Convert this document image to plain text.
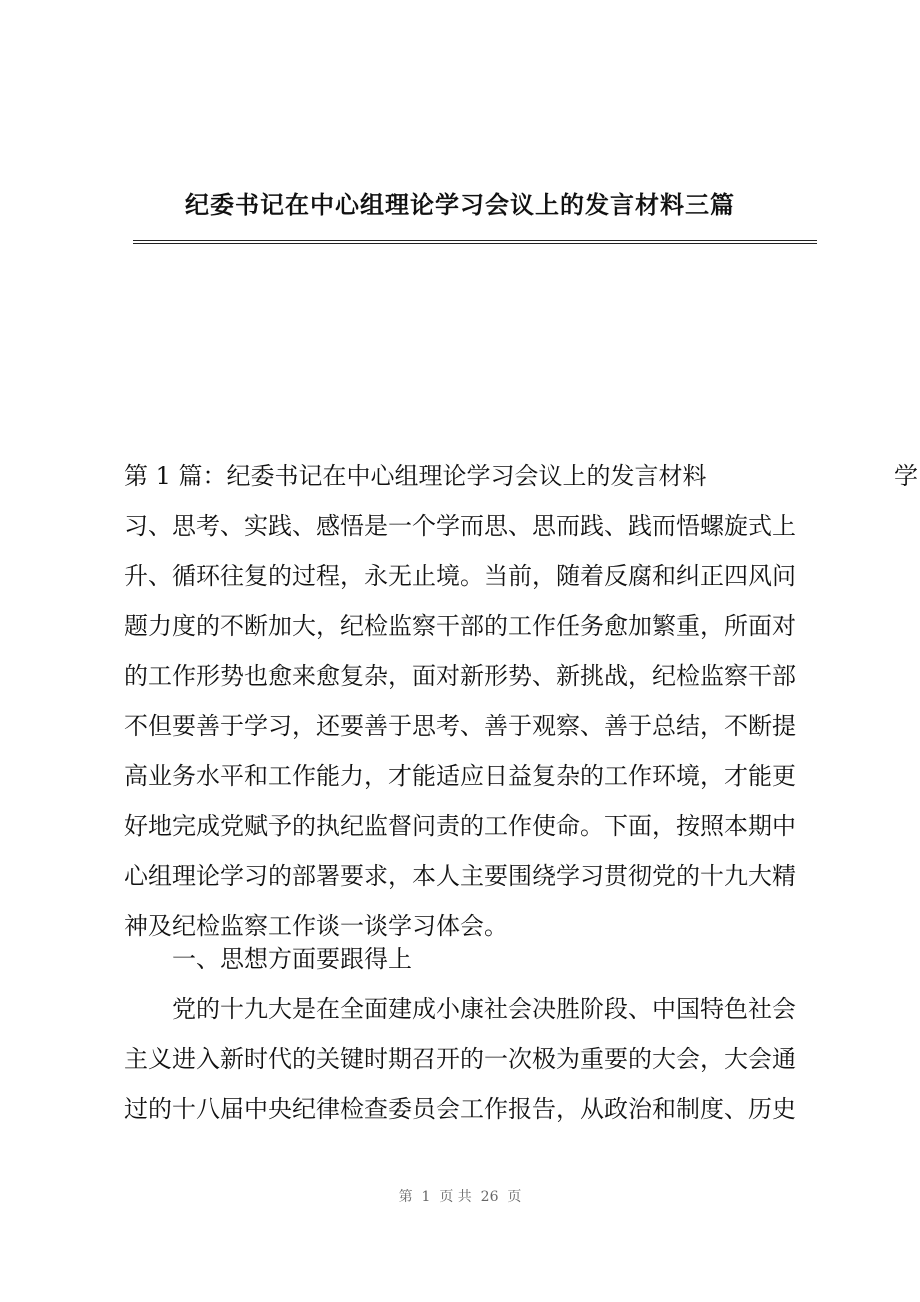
纪委书记在中心组理论学习会议上的发言材料三篇
第 1 篇：纪委书记在中心组理论学习会议上的发言材料	学
习、思考、实践、感悟是一个学而思、思而践、践而悟螺旋式上
升、循环往复的过程，永无止境。当前，随着反腐和纠正四风问
题力度的不断加大，纪检监察干部的工作任务愈加繁重，所面对
的工作形势也愈来愈复杂，面对新形势、新挑战，纪检监察干部
不但要善于学习，还要善于思考、善于观察、善于总结，不断提
高业务水平和工作能力，才能适应日益复杂的工作环境，才能更
好地完成党赋予的执纪监督问责的工作使命。下面，按照本期中
心组理论学习的部署要求，本人主要围绕学习贯彻党的十九大精
神及纪检监察工作谈一谈学习体会。
一、思想方面要跟得上
党的十九大是在全面建成小康社会决胜阶段、中国特色社会
主义进入新时代的关键时期召开的一次极为重要的大会，大会通
过的十八届中央纪律检查委员会工作报告，从政治和制度、历史
第  1  页 共  26  页
